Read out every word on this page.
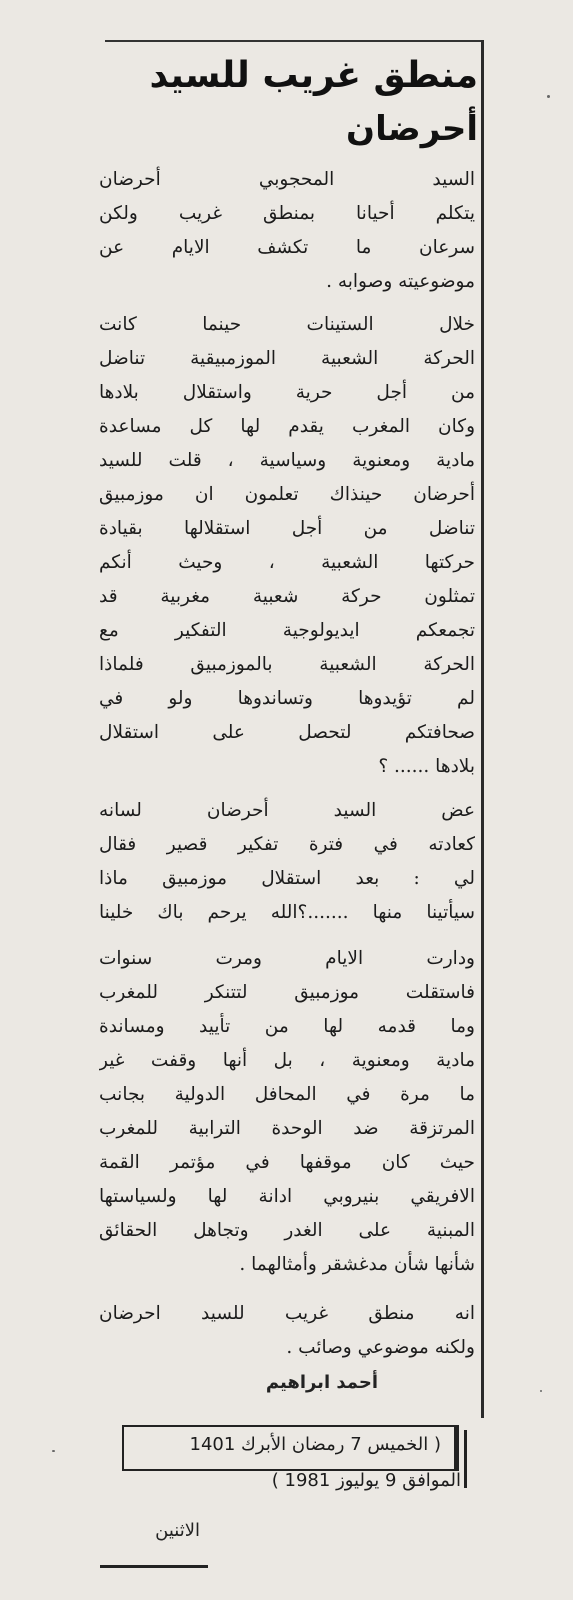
منطق غريب للسيد
أحرضان
السيد المحجوبي أحرضان
يتكلم أحيانا بمنطق غريب ولكن
سرعان ما تكشف الايام عن
موضوعيته وصوابه .
خلال الستينات حينما كانت
الحركة الشعبية الموزمبيقية تناضل
من أجل حرية واستقلال بلادها
وكان المغرب يقدم لها كل مساعدة
مادية ومعنوية وسياسية ، قلت للسيد
أحرضان حينذاك تعلمون ان موزمبيق
تناضل من أجل استقلالها بقيادة
حركتها الشعبية ، وحيث أنكم
تمثلون حركة شعبية مغربية قد
تجمعكم ايديولوجية التفكير مع
الحركة الشعبية بالموزمبيق فلماذا
لم تؤيدوها وتساندوها ولو في
صحافتكم لتحصل على استقلال
بلادها ...... ؟
عض السيد أحرضان لسانه
كعادته في فترة تفكير قصير فقال
لي : بعد استقلال موزمبيق ماذا
سيأتينا منها .......؟الله يرحم باك خلينا
ودارت الايام ومرت سنوات
فاستقلت موزمبيق لتتنكر للمغرب
وما قدمه لها من تأييد ومساندة
مادية ومعنوية ، بل أنها وقفت غير
ما مرة في المحافل الدولية بجانب
المرتزقة ضد الوحدة الترابية للمغرب
حيث كان موقفها في مؤتمر القمة
الافريقي بنيروبي ادانة لها ولسياستها
المبنية على الغدر وتجاهل الحقائق
شأنها شأن مدغشقر وأمثالهما .
انه منطق غريب للسيد احرضان
ولكنه موضوعي وصائب .
أحمد ابراهيم
( الخميس 7 رمضان الأبرك 1401
الموافق 9 يوليوز 1981 )
الاثنين
